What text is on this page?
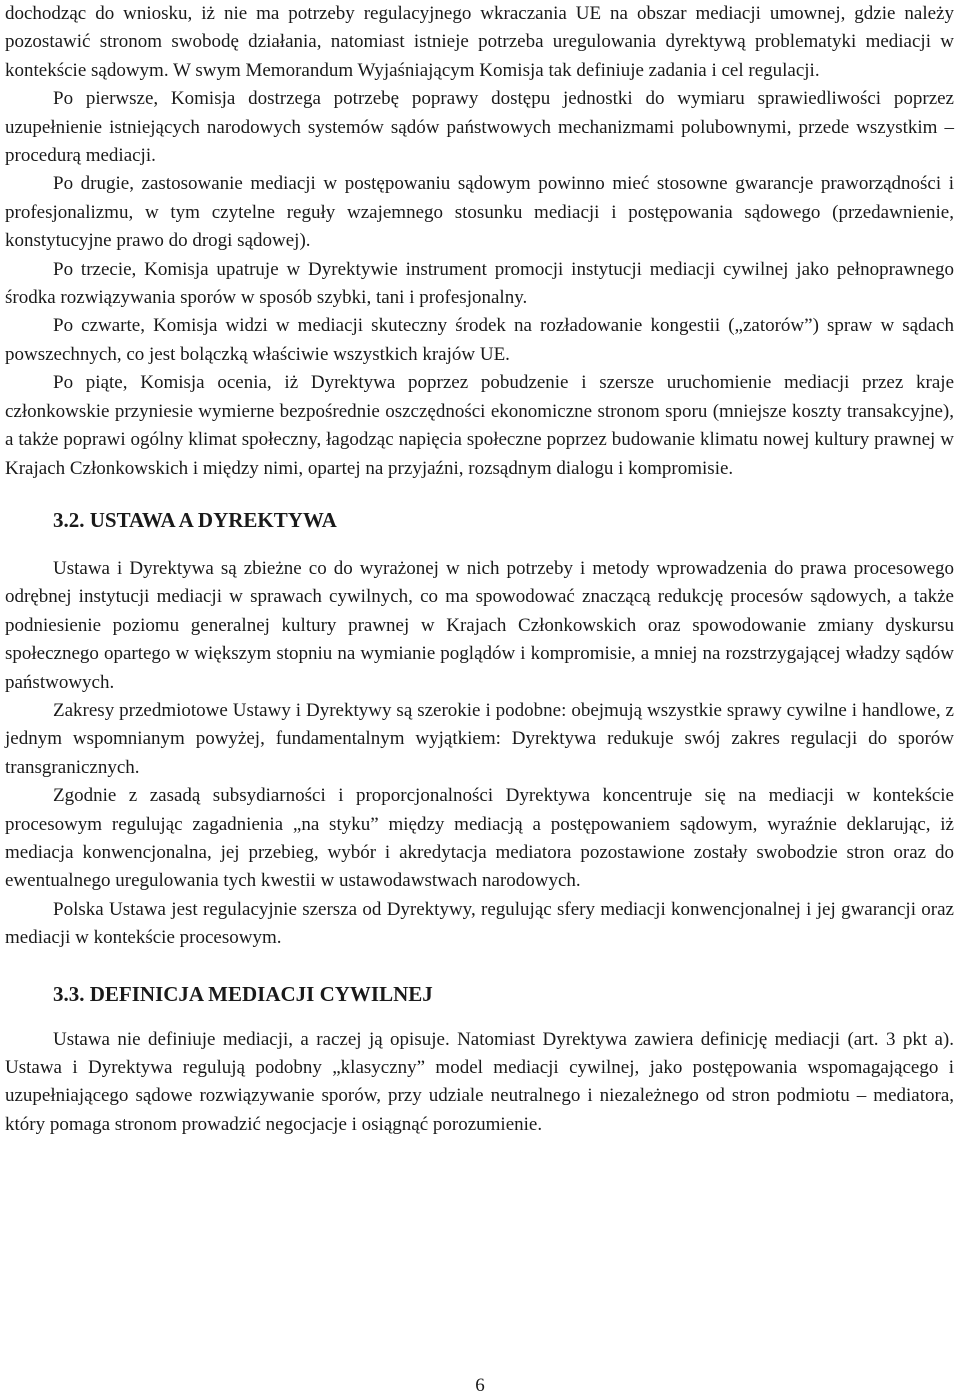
dochodząc do wniosku, iż nie ma potrzeby regulacyjnego wkraczania UE na obszar mediacji umownej, gdzie należy pozostawić stronom swobodę działania, natomiast istnieje potrzeba uregulowania dyrektywą problematyki mediacji w kontekście sądowym. W swym Memorandum Wyjaśniającym Komisja tak definiuje zadania i cel regulacji.

Po pierwsze, Komisja dostrzega potrzebę poprawy dostępu jednostki do wymiaru sprawiedliwości poprzez uzupełnienie istniejących narodowych systemów sądów państwowych mechanizmami polubownymi, przede wszystkim – procedurą mediacji.

Po drugie, zastosowanie mediacji w postępowaniu sądowym powinno mieć stosowne gwarancje praworządności i profesjonalizmu, w tym czytelne reguły wzajemnego stosunku mediacji i postępowania sądowego (przedawnienie, konstytucyjne prawo do drogi sądowej).

Po trzecie, Komisja upatruje w Dyrektywie instrument promocji instytucji mediacji cywilnej jako pełnoprawnego środka rozwiązywania sporów w sposób szybki, tani i profesjonalny.

Po czwarte, Komisja widzi w mediacji skuteczny środek na rozładowanie kongestii („zatorów”) spraw w sądach powszechnych, co jest bolączką właściwie wszystkich krajów UE.

Po piąte, Komisja ocenia, iż Dyrektywa poprzez pobudzenie i szersze uruchomienie mediacji przez kraje członkowskie przyniesie wymierne bezpośrednie oszczędności ekonomiczne stronom sporu (mniejsze koszty transakcyjne), a także poprawi ogólny klimat społeczny, łagodząc napięcia społeczne poprzez budowanie klimatu nowej kultury prawnej w Krajach Członkowskich i między nimi, opartej na przyjaźni, rozsądnym dialogu i kompromisie.

3.2. USTAWA A DYREKTYWA

Ustawa i Dyrektywa są zbieżne co do wyrażonej w nich potrzeby i metody wprowadzenia do prawa procesowego odrębnej instytucji mediacji w sprawach cywilnych, co ma spowodować znaczącą redukcję procesów sądowych, a także podniesienie poziomu generalnej kultury prawnej w Krajach Członkowskich oraz spowodowanie zmiany dyskursu społecznego opartego w większym stopniu na wymianie poglądów i kompromisie, a mniej na rozstrzygającej władzy sądów państwowych.

Zakresy przedmiotowe Ustawy i Dyrektywy są szerokie i podobne: obejmują wszystkie sprawy cywilne i handlowe, z jednym wspomnianym powyżej, fundamentalnym wyjątkiem: Dyrektywa redukuje swój zakres regulacji do sporów transgranicznych.

Zgodnie z zasadą subsydiarności i proporcjonalności Dyrektywa koncentruje się na mediacji w kontekście procesowym regulując zagadnienia „na styku” między mediacją a postępowaniem sądowym, wyraźnie deklarując, iż mediacja konwencjonalna, jej przebieg, wybór i akredytacja mediatora pozostawione zostały swobodzie stron oraz do ewentualnego uregulowania tych kwestii w ustawodawstwach narodowych.

Polska Ustawa jest regulacyjnie szersza od Dyrektywy, regulując sfery mediacji konwencjonalnej i jej gwarancji oraz mediacji w kontekście procesowym.

3.3. DEFINICJA MEDIACJI CYWILNEJ

Ustawa nie definiuje mediacji, a raczej ją opisuje. Natomiast Dyrektywa zawiera definicję mediacji (art. 3 pkt a). Ustawa i Dyrektywa regulują podobny „klasyczny” model mediacji cywilnej, jako postępowania wspomagającego i uzupełniającego sądowe rozwiązywanie sporów, przy udziale neutralnego i niezależnego od stron podmiotu – mediatora, który pomaga stronom prowadzić negocjacje i osiągnąć porozumienie.

6
